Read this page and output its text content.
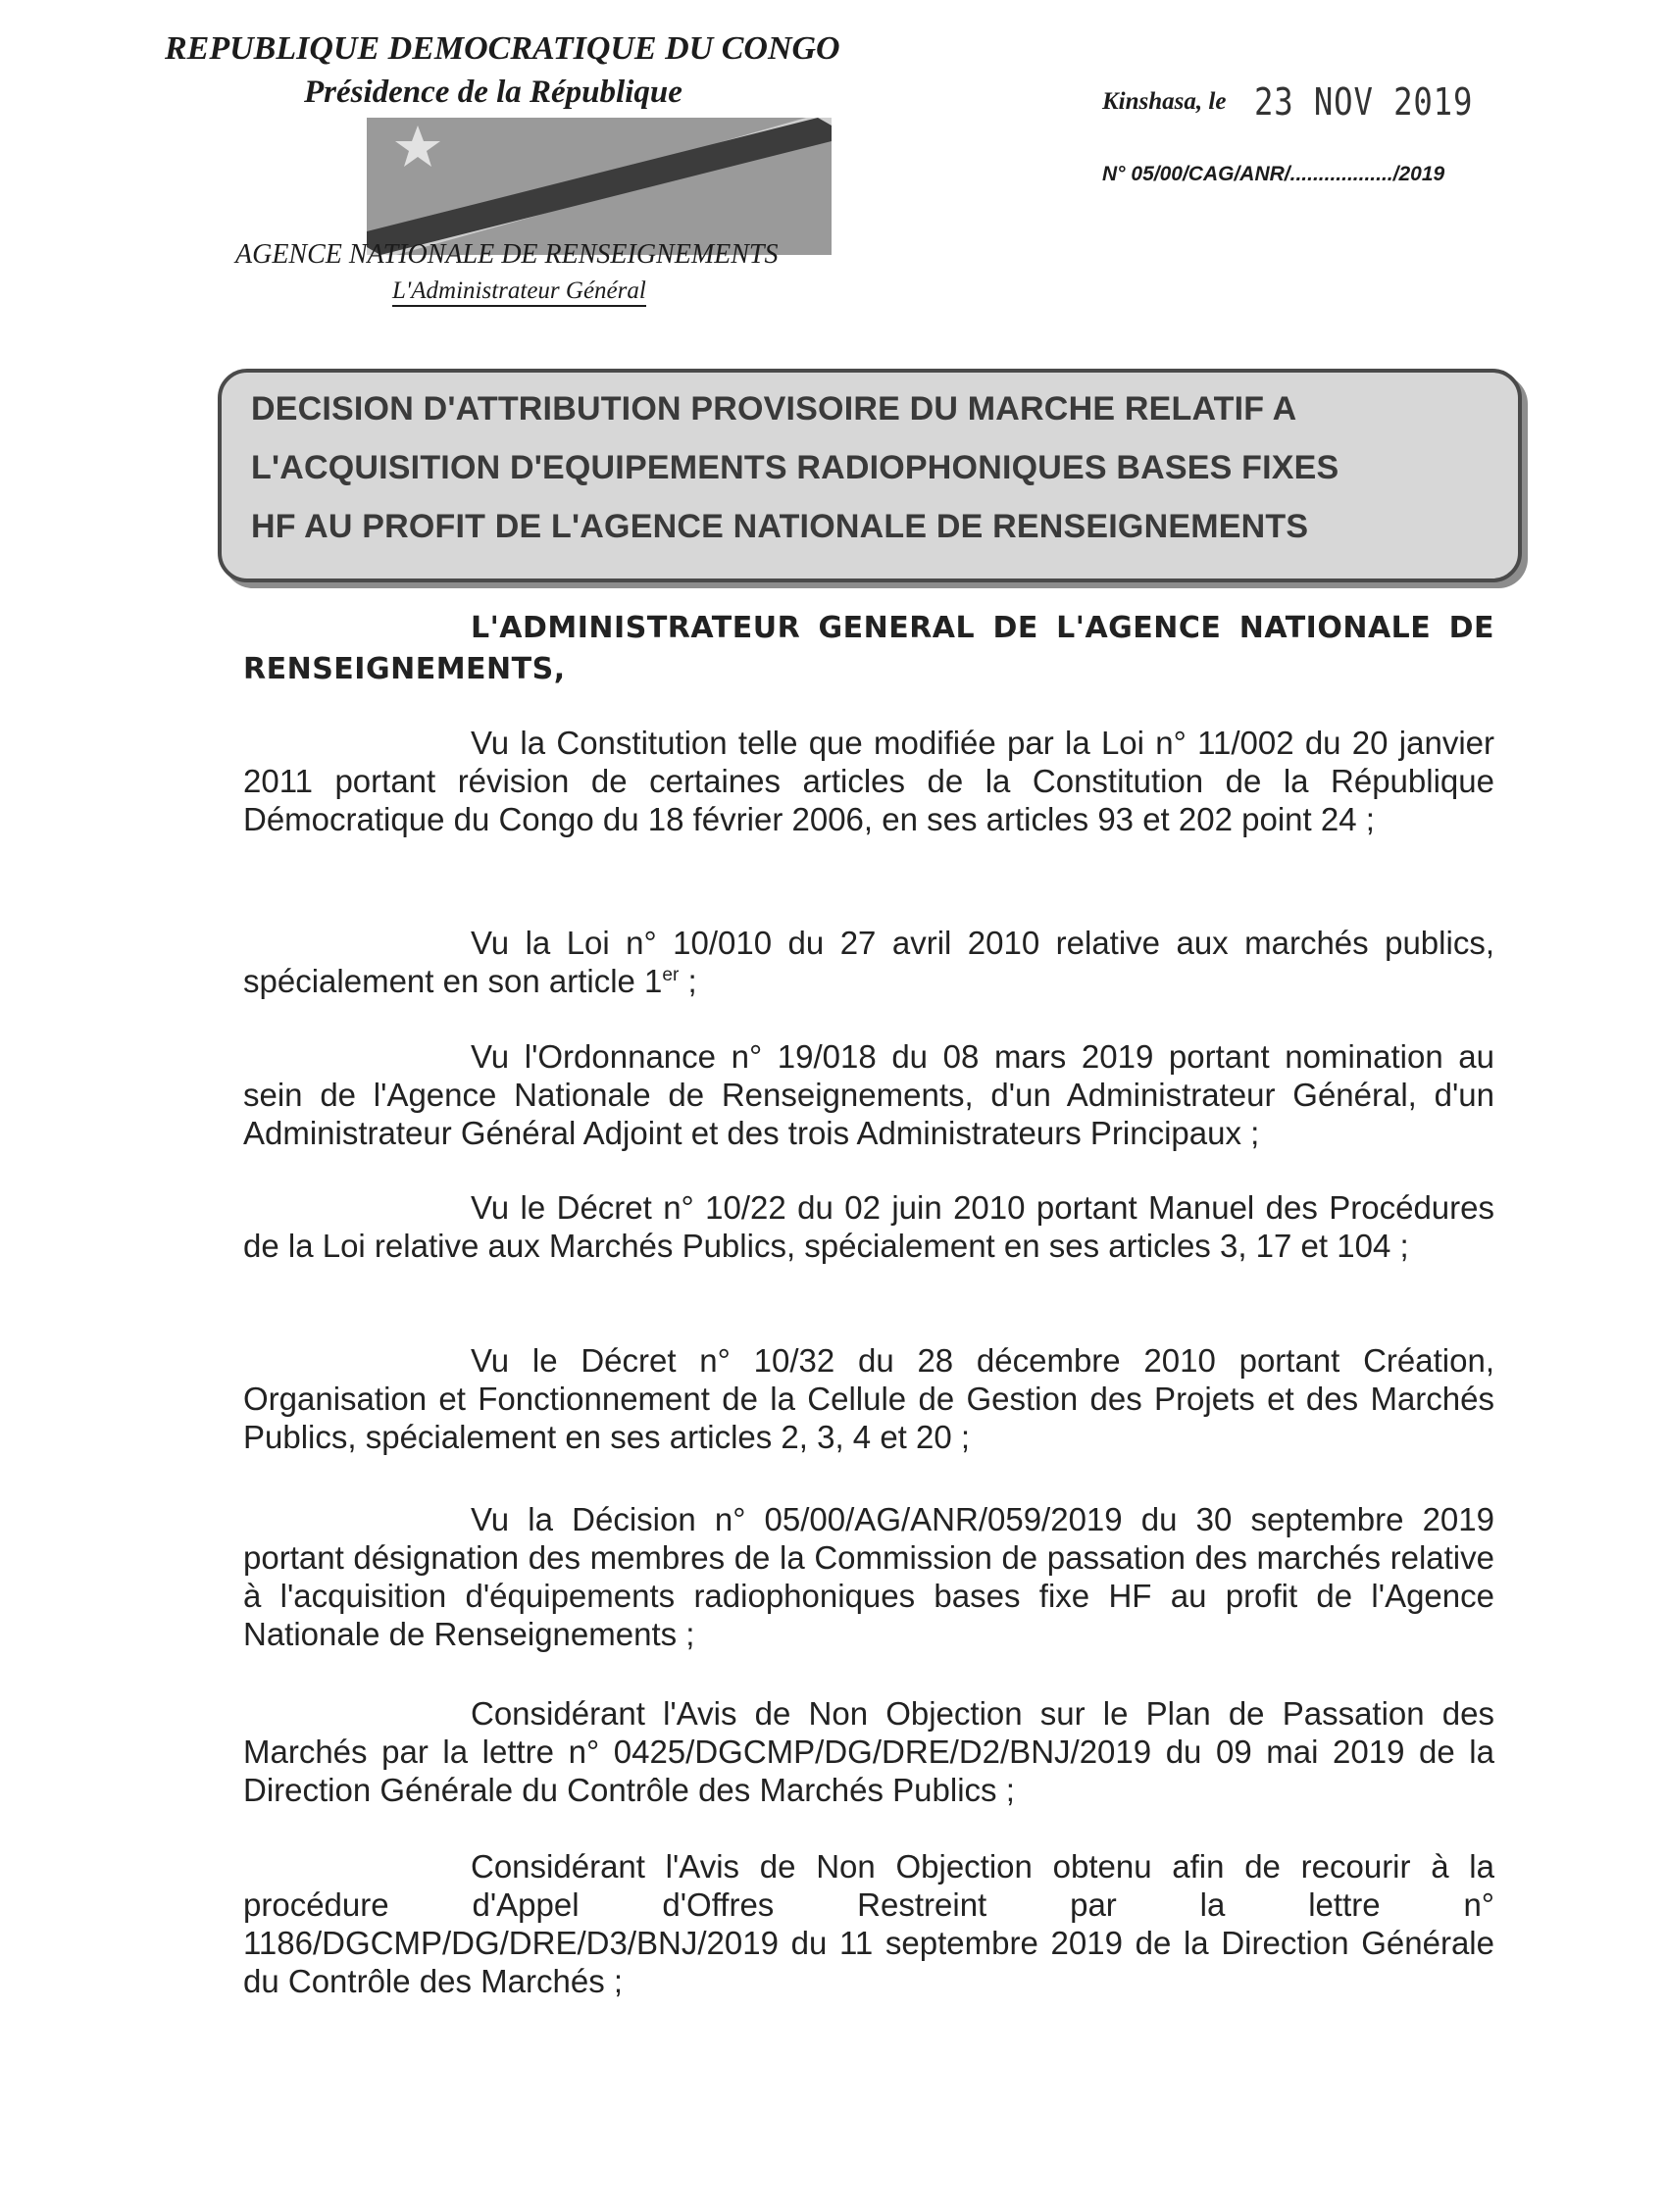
REPUBLIQUE DEMOCRATIQUE DU CONGO
Présidence de la République
AGENCE NATIONALE DE RENSEIGNEMENTS
L'Administrateur Général
Kinshasa, le 23 NOV 2019
N° 05/00/CAG/ANR/................../2019
DECISION D'ATTRIBUTION PROVISOIRE DU MARCHE RELATIF A
L'ACQUISITION D'EQUIPEMENTS RADIOPHONIQUES BASES FIXES
HF AU PROFIT DE L'AGENCE NATIONALE DE RENSEIGNEMENTS
L'ADMINISTRATEUR GENERAL DE L'AGENCE NATIONALE DE RENSEIGNEMENTS,
Vu la Constitution telle que modifiée par la Loi n° 11/002 du 20 janvier 2011 portant révision de certaines articles de la Constitution de la République Démocratique du Congo du 18 février 2006, en ses articles 93 et 202 point 24 ;
Vu la Loi n° 10/010 du 27 avril 2010 relative aux marchés publics, spécialement en son article 1er ;
Vu l'Ordonnance n° 19/018 du 08 mars 2019 portant nomination au sein de l'Agence Nationale de Renseignements, d'un Administrateur Général, d'un Administrateur Général Adjoint et des trois Administrateurs Principaux ;
Vu le Décret n° 10/22 du 02 juin 2010 portant Manuel des Procédures de la Loi relative aux Marchés Publics, spécialement en ses articles 3, 17 et 104 ;
Vu le Décret n° 10/32 du 28 décembre 2010 portant Création, Organisation et Fonctionnement de la Cellule de Gestion des Projets et des Marchés Publics, spécialement en ses articles 2, 3, 4 et 20 ;
Vu la Décision n° 05/00/AG/ANR/059/2019 du 30 septembre 2019 portant désignation des membres de la Commission de passation des marchés relative à l'acquisition d'équipements radiophoniques bases fixe HF au profit de l'Agence Nationale de Renseignements ;
Considérant l'Avis de Non Objection sur le Plan de Passation des Marchés par la lettre n° 0425/DGCMP/DG/DRE/D2/BNJ/2019 du 09 mai 2019 de la Direction Générale du Contrôle des Marchés Publics ;
Considérant l'Avis de Non Objection obtenu afin de recourir à la procédure d'Appel d'Offres Restreint par la lettre n° 1186/DGCMP/DG/DRE/D3/BNJ/2019 du 11 septembre 2019 de la Direction Générale du Contrôle des Marchés ;
